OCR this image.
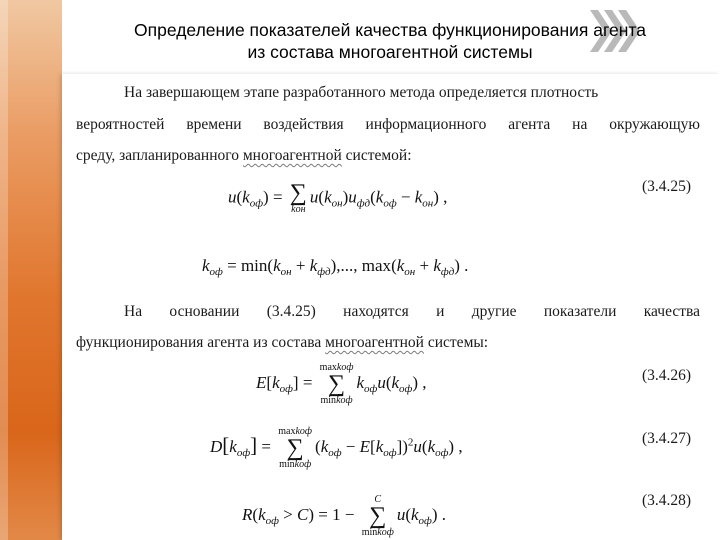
Определение показателей качества функционирования агента
из состава многоагентной системы
На завершающем этапе разработанного метода определяется плотность
вероятностей времени воздействия информационного агента на окружающую
среду, запланированного многоагентной системой:
(3.4.25)
$u(k_{оф})$ = ∑
kон
$u(k_{он})u_{фд}(k_{оф} - k_{он})$ ,
$k_{оф} = \min(k_{он} + k_{фд})$,..., $\max(k_{он} + k_{фд})$ .
На основании (3.4.25) находятся и другие показатели качества
функционирования агента из состава многоагентной системы:
(3.4.26)
$E[k_{оф}]$ =
maxkоф
∑
minkоф
$k_{оф}u(k_{оф})$ ,
(3.4.27)
$D[k_{оф}]$ =
maxkоф
∑
minkоф
$(k_{оф} - E[k_{оф}])^2u(k_{оф})$ ,
(3.4.28)
$R(k_{оф} > C) = 1$ −
C
∑
minkоф
$u(k_{оф})$ .
